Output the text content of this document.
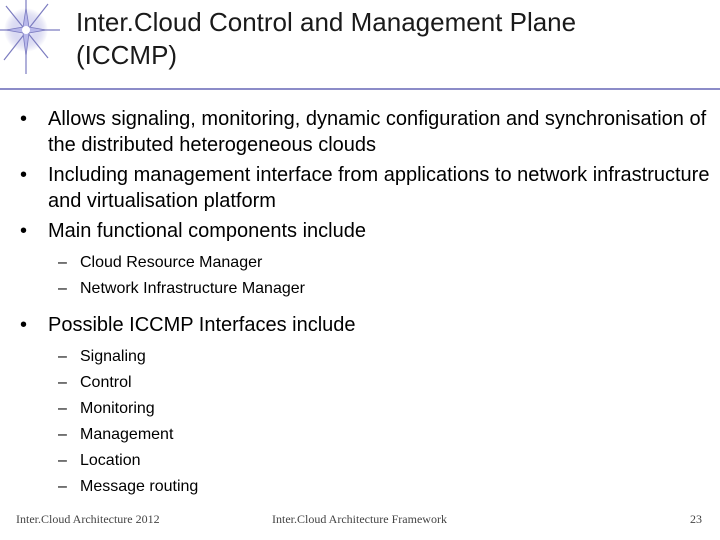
Inter.Cloud Control and Management Plane
(ICCMP)
•	Allows signaling, monitoring, dynamic configuration and synchronisation of the distributed heterogeneous clouds
•	Including management interface from applications to network infrastructure and virtualisation platform
•	Main functional components include
– Cloud Resource Manager
– Network Infrastructure Manager
•	Possible ICCMP Interfaces include
– Signaling
– Control
– Monitoring
– Management
– Location
– Message routing
Inter.Cloud Architecture 2012	Inter.Cloud Architecture Framework	23
